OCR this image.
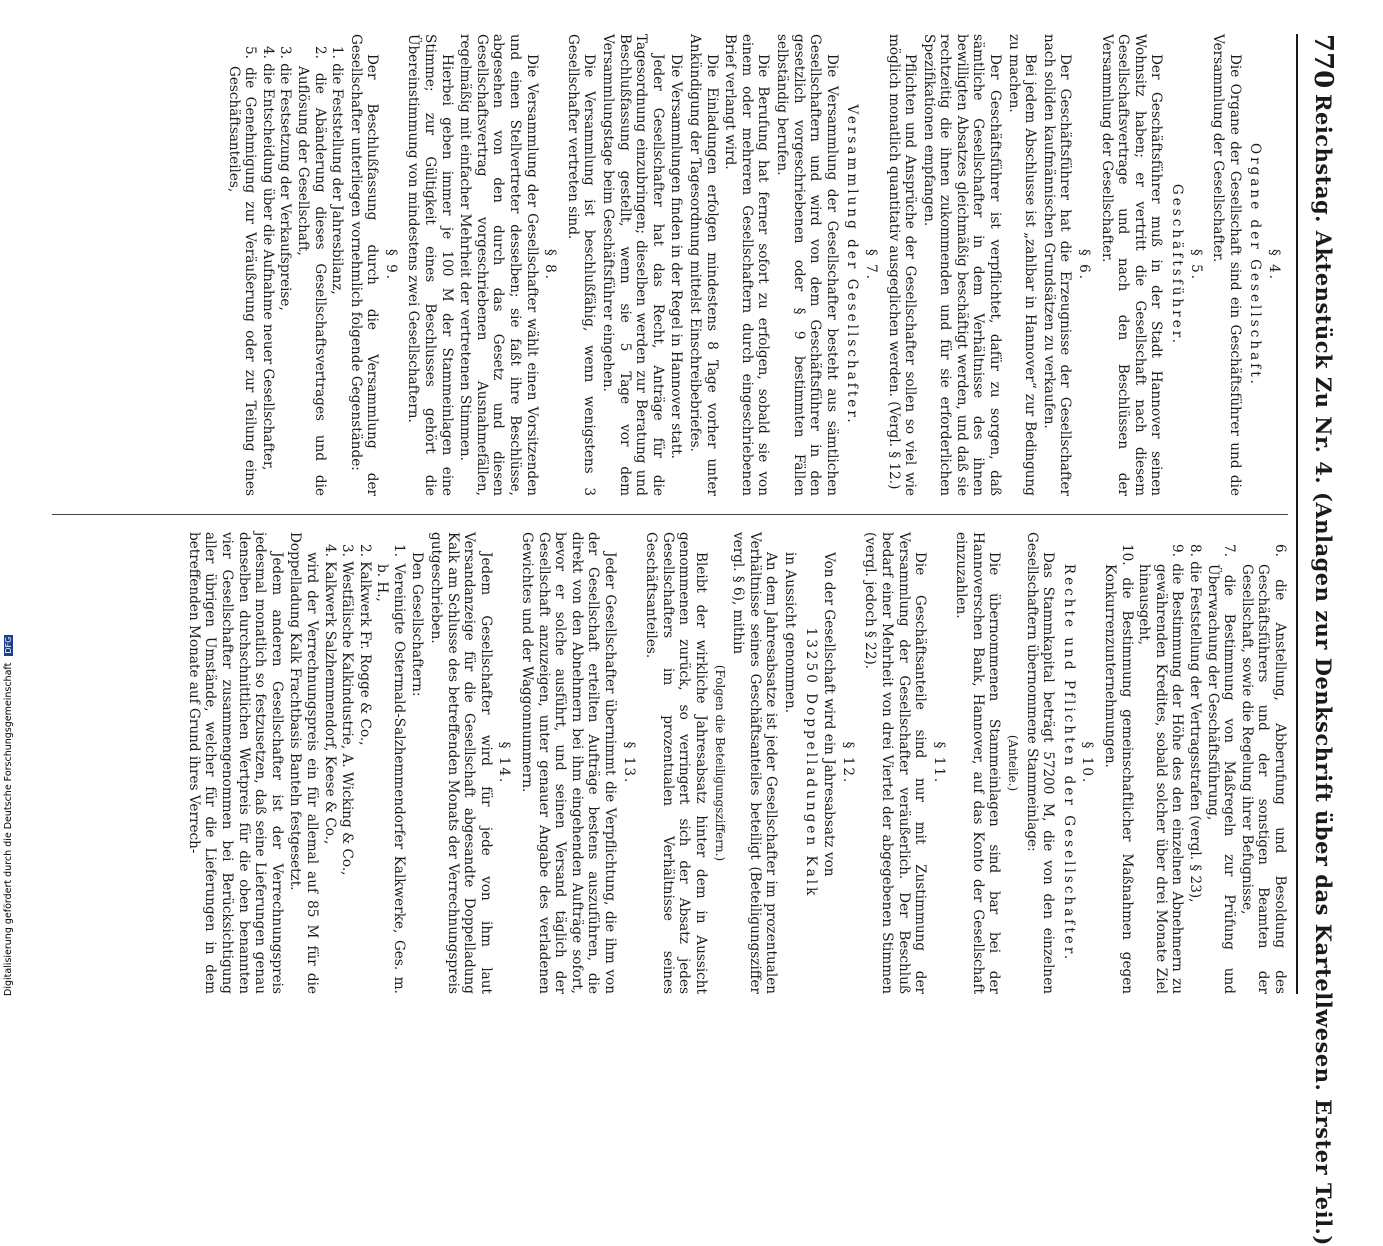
770
Reichstag. Aktenstück Zu Nr. 4. (Anlagen zur Denkschrift über das Kartellwesen. Erster Teil.)
§ 4.
Organe der Gesellschaft.

Die Organe der Gesellschaft sind ein Geschäftsführer und die Versammlung der Gesellschafter.

§ 5.
Geschäftsführer.

Der Geschäftsführer muß in der Stadt Hannover seinen Wohnsitz haben; er vertritt die Gesellschaft nach diesem Gesellschaftsvertrage und nach den Beschlüssen der Versammlung der Gesellschafter.

§ 6.

Der Geschäftsführer hat die Erzeugnisse der Gesellschafter nach soliden kaufmännischen Grundsätzen zu verkaufen.

Bei jedem Abschlusse ist „zahlbar in Hannover“ zur Bedingung zu machen.

Der Geschäftsführer ist verpflichtet, dafür zu sorgen, daß sämtliche Gesellschafter in dem Verhältnisse des ihnen bewilligten Absatzes gleichmäßig beschäftigt werden, und daß sie rechtzeitig die ihnen zukommenden und für sie erforderlichen Spezifikationen empfangen.

Pflichten und Ansprüche der Gesellschafter sollen so viel wie möglich monatlich quantitativ ausgeglichen werden. (Vergl. § 12.)

§ 7.
Versammlung der Gesellschafter.

Die Versammlung der Gesellschafter besteht aus sämtlichen Gesellschaftern und wird von dem Geschäftsführer in den gesetzlich vorgeschriebenen oder § 9 bestimmten Fällen selbständig berufen.

Die Berufung hat ferner sofort zu erfolgen, sobald sie von einem oder mehreren Gesellschaftern durch eingeschriebenen Brief verlangt wird.

Die Einladungen erfolgen mindestens 8 Tage vorher unter Ankündigung der Tagesordnung mittelst Einschreibebriefes.

Die Versammlungen finden in der Regel in Hannover statt.

Jeder Gesellschafter hat das Recht, Anträge für die Tagesordnung einzubringen; dieselben werden zur Beratung und Beschlußfassung gestellt, wenn sie 5 Tage vor dem Versammlungstage beim Geschäftsführer eingehen.

Die Versammlung ist beschlußfähig, wenn wenigstens 3 Gesellschafter vertreten sind.

§ 8.

Die Versammlung der Gesellschafter wählt einen Vorsitzenden und einen Stellvertreter desselben; sie faßt ihre Beschlüsse, abgesehen von den durch das Gesetz und diesen Gesellschaftsvertrag vorgeschriebenen Ausnahmefällen, regelmäßig mit einfacher Mehrheit der vertretenen Stimmen.

Hierbei geben immer je 100 M der Stammeinlagen eine Stimme; zur Gültigkeit eines Beschlusses gehört die Übereinstimmung von mindestens zwei Gesellschaftern.

§ 9.

Der Beschlußfassung durch die Versammlung der Gesellschafter unterliegen vornehmlich folgende Gegenstände:

1. die Feststellung der Jahresbilanz,
2. die Abänderung dieses Gesellschaftsvertrages und die Auflösung der Gesellschaft,
3. die Festsetzung der Verkaufspreise,
4. die Entscheidung über die Aufnahme neuer Gesellschafter,
5. die Genehmigung zur Veräußerung oder zur Teilung eines Geschäftsanteiles,
6. die Anstellung, Abberufung und Besoldung des Geschäftsführers und der sonstigen Beamten der Gesellschaft, sowie die Regelung ihrer Befugnisse,
7. die Bestimmung von Maßregeln zur Prüfung und Überwachung der Geschäftsführung,
8. die Feststellung der Vertragsstrafen (vergl. § 23),
9. die Bestimmung der Höhe des den einzelnen Abnehmern zu gewährenden Kredites, sobald solcher über drei Monate Ziel hinausgeht,
10. die Bestimmung gemeinschaftlicher Maßnahmen gegen Konkurrenzunternehmungen.
§ 10.
Rechte und Pflichten der Gesellschafter.

Das Stammkapital beträgt 57200 M, die von den einzelnen Gesellschaftern übernommene Stammeinlage:

(Anteile.)

Die übernommenen Stammeinlagen sind bar bei der Hannoverschen Bank, Hannover, auf das Konto der Gesellschaft einzuzahlen.

§ 11.

Die Geschäftsanteile sind nur mit Zustimmung der Versammlung der Gesellschafter veräußerlich. Der Beschluß bedarf einer Mehrheit von drei Viertel der abgegebenen Stimmen (vergl. jedoch § 22).

§ 12.

Von der Gesellschaft wird ein Jahresabsatz von

13250 Doppelladungen Kalk

in Aussicht genommen.

An dem Jahresabsatze ist jeder Gesellschafter im prozentualen Verhältnisse seines Geschäftsanteiles beteiligt (Beteiligungsziffer vergl. § 6), mithin

(Folgen die Beteiligungsziffern.)

Bleibt der wirkliche Jahresabsatz hinter dem in Aussicht genommenen zurück, so verringert sich der Absatz jedes Gesellschafters im prozentualen Verhältnisse seines Geschäftsanteiles.

§ 13.

Jeder Gesellschafter übernimmt die Verpflichtung, die ihm von der Gesellschaft erteilten Aufträge bestens auszuführen, die direkt von den Abnehmern bei ihm eingehenden Aufträge sofort, bevor er solche ausführt, und seinen Versand täglich der Gesellschaft anzuzeigen, unter genauer Angabe des verladenen Gewichtes und der Waggonnummern.

§ 14.

Jedem Gesellschafter wird für jede von ihm laut Versandanzeige für die Gesellschaft abgesandte Doppelladung Kalk am Schlusse des betreffenden Monats der Verrechnungspreis gutgeschrieben.

Den Gesellschaftern:

1. Vereinigte Ostermald-Salzhemmendorfer Kalkwerke, Ges. m. b. H.,
2. Kalkwerk Fr. Rogge & Co.,
3. Westfälische Kalkindustrie, A. Wicking & Co.,
4. Kalkwerk Salzhemmendorf, Keese & Co.,

wird der Verrechnungspreis ein für allemal auf 85 M für die Doppelladung Kalk Frachtbasis Banteln festgesetzt.

Jedem anderen Gesellschafter ist der Verrechnungspreis jedesmal monatlich so festzusetzen, daß seine Lieferungen genau denselben durchschnittlichen Wertpreis für die oben benannten vier Gesellschafter zusammengenommen bei Berücksichtigung aller übrigen Umstände, welcher für die Lieferungen in dem betreffenden Monate auf Grund ihres Verrech-

Digitalisierung gefördert durch die Deutsche Forschungsgemeinschaft DFG
